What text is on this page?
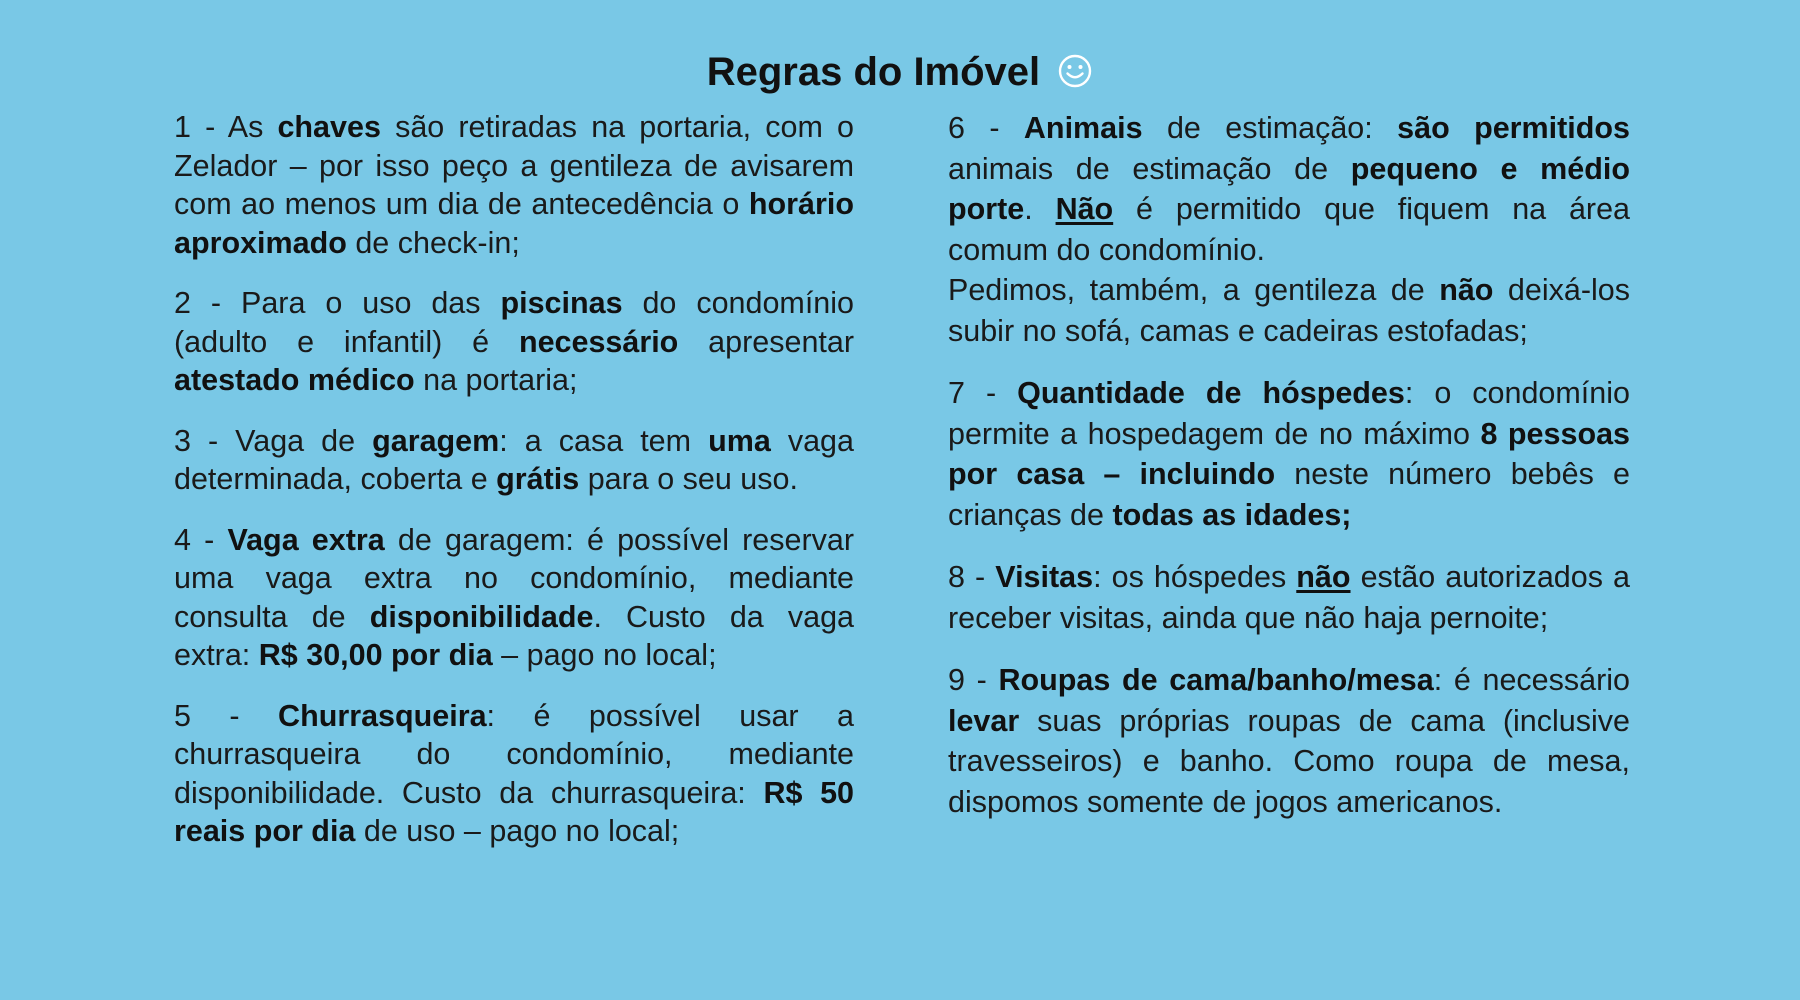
Regras do Imóvel

1 - As chaves são retiradas na portaria, com o Zelador – por isso peço a gentileza de avisarem com ao menos um dia de antecedência o horário aproximado de check-in;

2 - Para o uso das piscinas do condomínio (adulto e infantil) é necessário apresentar atestado médico na portaria;

3 - Vaga de garagem: a casa tem uma vaga determinada, coberta e grátis para o seu uso.

4 - Vaga extra de garagem: é possível reservar uma vaga extra no condomínio, mediante consulta de disponibilidade. Custo da vaga extra: R$ 30,00 por dia – pago no local;

5 - Churrasqueira: é possível usar a churrasqueira do condomínio, mediante disponibilidade. Custo da churrasqueira: R$ 50 reais por dia de uso – pago no local;

6 - Animais de estimação: são permitidos animais de estimação de pequeno e médio porte. Não é permitido que fiquem na área comum do condomínio.

Pedimos, também, a gentileza de não deixá-los subir no sofá, camas e cadeiras estofadas;

7 - Quantidade de hóspedes: o condomínio permite a hospedagem de no máximo 8 pessoas por casa – incluindo neste número bebês e crianças de todas as idades;

8 - Visitas: os hóspedes não estão autorizados a receber visitas, ainda que não haja pernoite;

9 - Roupas de cama/banho/mesa: é necessário levar suas próprias roupas de cama (inclusive travesseiros) e banho. Como roupa de mesa, dispomos somente de jogos americanos.
